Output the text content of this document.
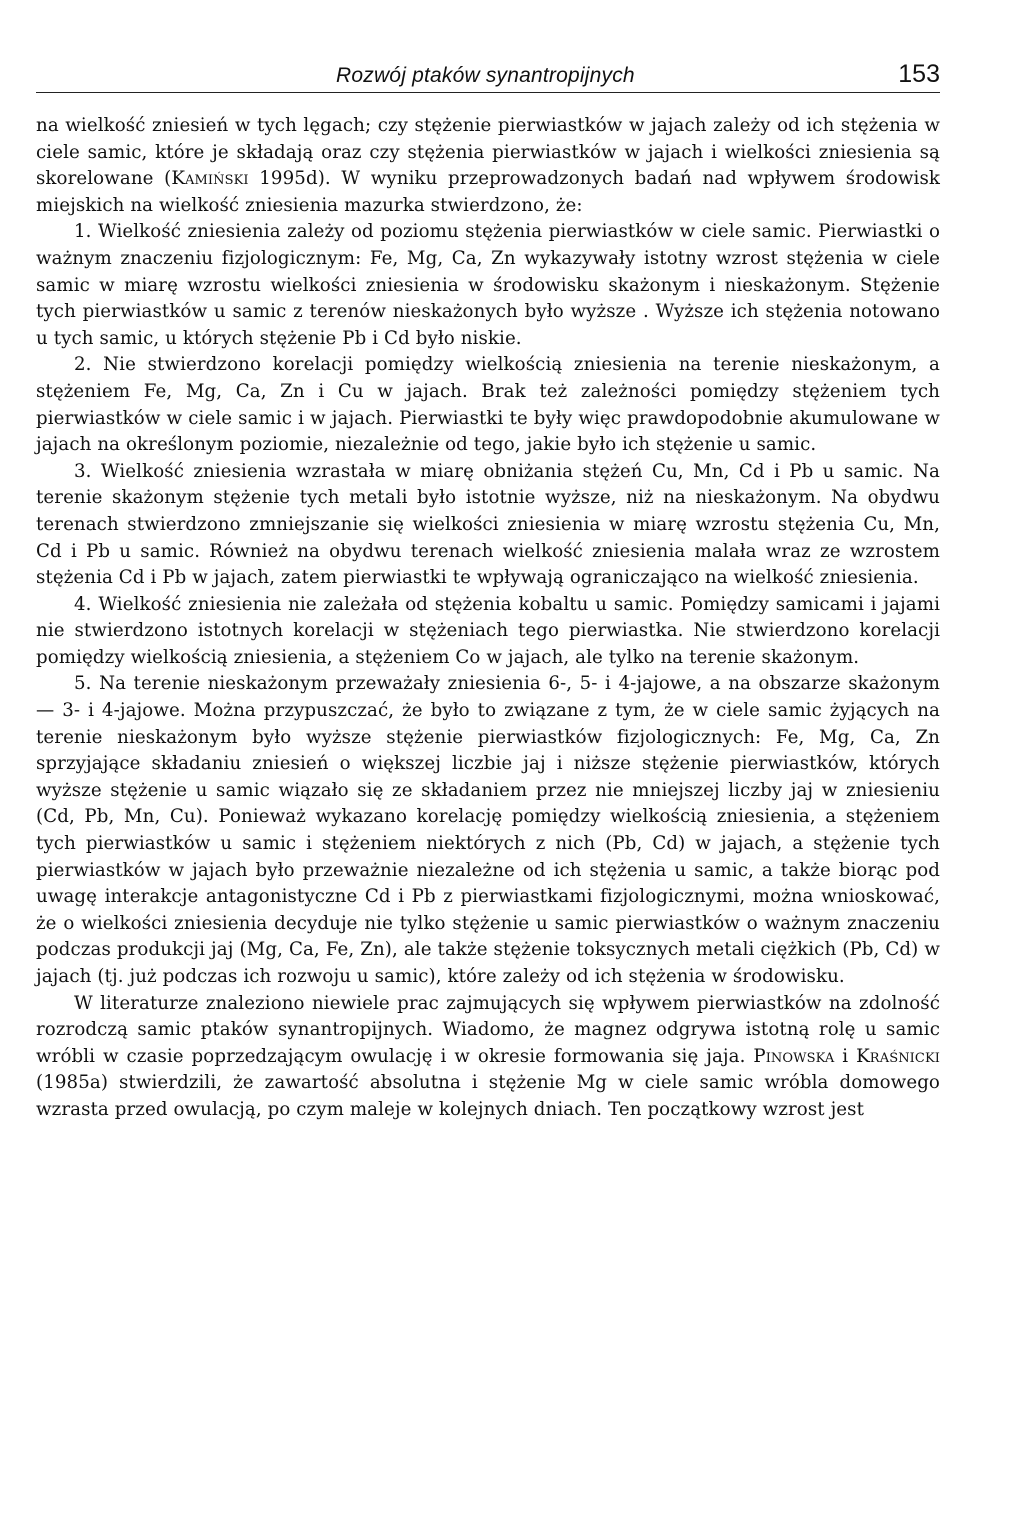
Rozwój ptaków synantropijnych	153

na wielkość zniesień w tych lęgach; czy stężenie pierwiastków w jajach zależy od ich stężenia w ciele samic, które je składają oraz czy stężenia pierwiastków w jajach i wielkości zniesienia są skorelowane (Kamiński 1995d). W wyniku przeprowadzonych badań nad wpływem środowisk miejskich na wielkość zniesienia mazurka stwierdzono, że:

1. Wielkość zniesienia zależy od poziomu stężenia pierwiastków w ciele samic. Pierwiastki o ważnym znaczeniu fizjologicznym: Fe, Mg, Ca, Zn wykazywały istotny wzrost stężenia w ciele samic w miarę wzrostu wielkości zniesienia w środowisku skażonym i nieskażonym. Stężenie tych pierwiastków u samic z terenów nieskażonych było wyższe . Wyższe ich stężenia notowano u tych samic, u których stężenie Pb i Cd było niskie.

2. Nie stwierdzono korelacji pomiędzy wielkością zniesienia na terenie nieskażonym, a stężeniem Fe, Mg, Ca, Zn i Cu w jajach. Brak też zależności pomiędzy stężeniem tych pierwiastków w ciele samic i w jajach. Pierwiastki te były więc prawdopodobnie akumulowane w jajach na określonym poziomie, niezależnie od tego, jakie było ich stężenie u samic.

3. Wielkość zniesienia wzrastała w miarę obniżania stężeń Cu, Mn, Cd i Pb u samic. Na terenie skażonym stężenie tych metali było istotnie wyższe, niż na nieskażonym. Na obydwu terenach stwierdzono zmniejszanie się wielkości zniesienia w miarę wzrostu stężenia Cu, Mn, Cd i Pb u samic. Również na obydwu terenach wielkość zniesienia malała wraz ze wzrostem stężenia Cd i Pb w jajach, zatem pierwiastki te wpływają ograniczająco na wielkość zniesienia.

4. Wielkość zniesienia nie zależała od stężenia kobaltu u samic. Pomiędzy samicami i jajami nie stwierdzono istotnych korelacji w stężeniach tego pierwiastka. Nie stwierdzono korelacji pomiędzy wielkością zniesienia, a stężeniem Co w jajach, ale tylko na terenie skażonym.

5. Na terenie nieskażonym przeważały zniesienia 6-, 5- i 4-jajowe, a na obszarze skażonym — 3- i 4-jajowe. Można przypuszczać, że było to związane z tym, że w ciele samic żyjących na terenie nieskażonym było wyższe stężenie pierwiastków fizjologicznych: Fe, Mg, Ca, Zn sprzyjające składaniu zniesień o większej liczbie jaj i niższe stężenie pierwiastków, których wyższe stężenie u samic wiązało się ze składaniem przez nie mniejszej liczby jaj w zniesieniu (Cd, Pb, Mn, Cu). Ponieważ wykazano korelację pomiędzy wielkością zniesienia, a stężeniem tych pierwiastków u samic i stężeniem niektórych z nich (Pb, Cd) w jajach, a stężenie tych pierwiastków w jajach było przeważnie niezależne od ich stężenia u samic, a także biorąc pod uwagę interakcje antagonistyczne Cd i Pb z pierwiastkami fizjologicznymi, można wnioskować, że o wielkości zniesienia decyduje nie tylko stężenie u samic pierwiastków o ważnym znaczeniu podczas produkcji jaj (Mg, Ca, Fe, Zn), ale także stężenie toksycznych metali ciężkich (Pb, Cd) w jajach (tj. już podczas ich rozwoju u samic), które zależy od ich stężenia w środowisku.

W literaturze znaleziono niewiele prac zajmujących się wpływem pierwiastków na zdolność rozrodczą samic ptaków synantropijnych. Wiadomo, że magnez odgrywa istotną rolę u samic wróbli w czasie poprzedzającym owulację i w okresie formowania się jaja. Pinowska i Kraśnicki (1985a) stwierdzili, że zawartość absolutna i stężenie Mg w ciele samic wróbla domowego wzrasta przed owulacją, po czym maleje w kolejnych dniach. Ten początkowy wzrost jest
